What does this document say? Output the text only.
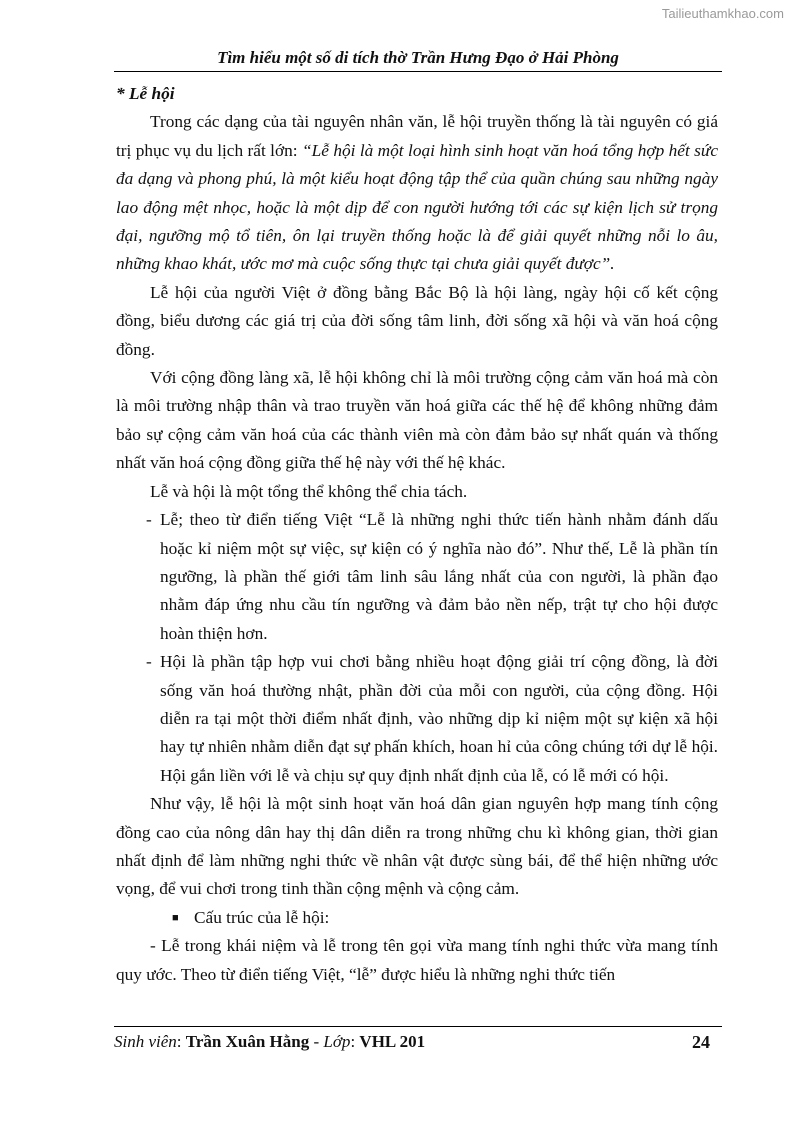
Tailieuthamkhao.com
Tìm hiểu một số di tích thờ Trần Hưng Đạo ở Hải Phòng

* Lễ hội

Trong các dạng của tài nguyên nhân văn, lễ hội truyền thống là tài nguyên có giá trị phục vụ du lịch rất lớn: “Lễ hội là một loại hình sinh hoạt văn hoá tổng hợp hết sức đa dạng và phong phú, là một kiểu hoạt động tập thể của quần chúng sau những ngày lao động mệt nhọc, hoặc là một dịp để con người hướng tới các sự kiện lịch sử trọng đại, ngưỡng mộ tổ tiên, ôn lại truyền thống hoặc là để giải quyết những nỗi lo âu, những khao khát, ước mơ mà cuộc sống thực tại chưa giải quyết được”.

Lễ hội của người Việt ở đồng bằng Bắc Bộ là hội làng, ngày hội cố kết cộng đồng, biểu dương các giá trị của đời sống tâm linh, đời sống xã hội và văn hoá cộng đồng.

Với cộng đồng làng xã, lễ hội không chỉ là môi trường cộng cảm văn hoá mà còn là môi trường nhập thân và trao truyền văn hoá giữa các thế hệ để không những đảm bảo sự cộng cảm văn hoá của các thành viên mà còn đảm bảo sự nhất quán và thống nhất văn hoá cộng đồng giữa thế hệ này với thế hệ khác.

Lễ và hội là một tổng thể không thể chia tách.

- Lễ; theo từ điển tiếng Việt “Lễ là những nghi thức tiến hành nhằm đánh dấu hoặc kỉ niệm một sự việc, sự kiện có ý nghĩa nào đó”. Như thế, Lễ là phần tín ngưỡng, là phần thế giới tâm linh sâu lắng nhất của con người, là phần đạo nhằm đáp ứng nhu cầu tín ngưỡng và đảm bảo nền nếp, trật tự cho hội được hoàn thiện hơn.
- Hội là phần tập hợp vui chơi bằng nhiều hoạt động giải trí cộng đồng, là đời sống văn hoá thường nhật, phần đời của mỗi con người, của cộng đồng. Hội diễn ra tại một thời điểm nhất định, vào những dịp kỉ niệm một sự kiện xã hội hay tự nhiên nhằm diễn đạt sự phấn khích, hoan hỉ của công chúng tới dự lễ hội. Hội gắn liền với lễ và chịu sự quy định nhất định của lễ, có lễ mới có hội.

Như vậy, lễ hội là một sinh hoạt văn hoá dân gian nguyên hợp mang tính cộng đồng cao của nông dân hay thị dân diễn ra trong những chu kì không gian, thời gian nhất định để làm những nghi thức về nhân vật được sùng bái, để thể hiện những ước vọng, để vui chơi trong tinh thần cộng mệnh và cộng cảm.

■ Cấu trúc của lễ hội:

- Lễ trong khái niệm và lễ trong tên gọi vừa mang tính nghi thức vừa mang tính quy ước. Theo từ điển tiếng Việt, “lễ” được hiểu là những nghi thức tiến

Sinh viên: Trần Xuân Hằng - Lớp: VHL 201	24
